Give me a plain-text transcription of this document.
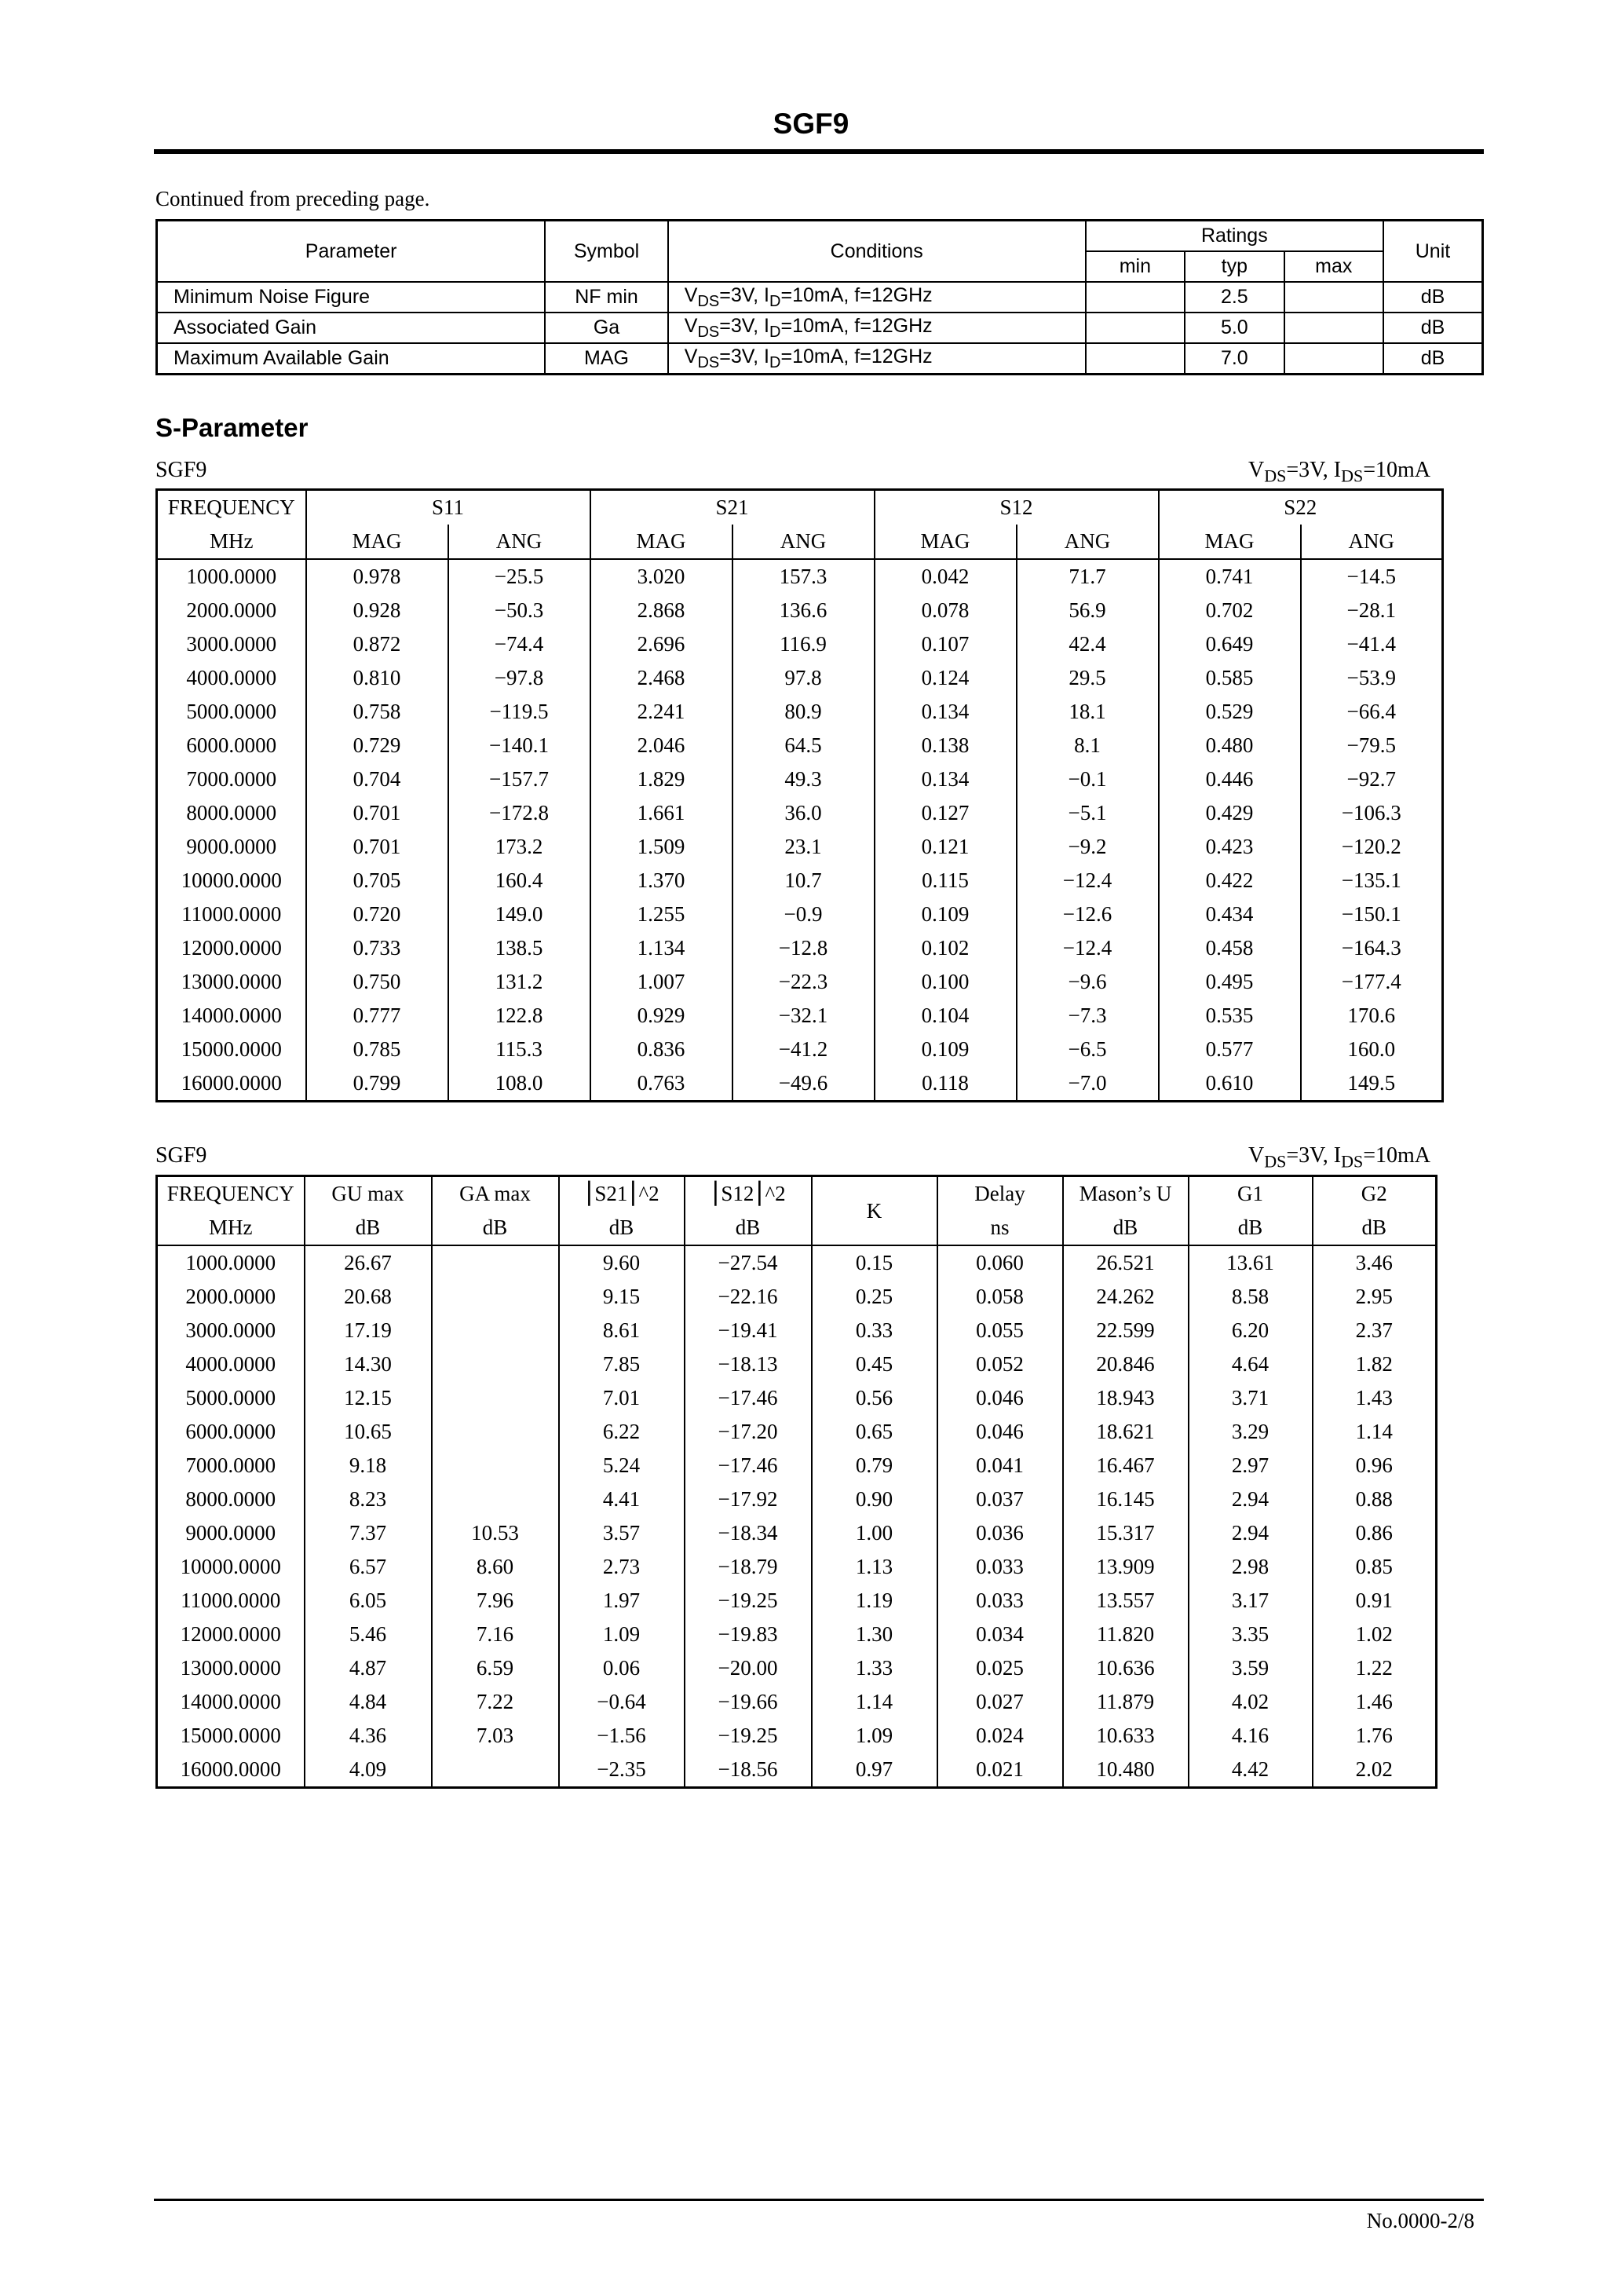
SGF9
Continued from preceding page.
Parameter	Symbol	Conditions	Ratings			Unit
			min	typ	max	
Minimum Noise Figure	NF min	$V_{DS}=3V$, $I_D=10mA$, f=12GHz		2.5		dB
Associated Gain	Ga	$V_{DS}=3V$, $I_D=10mA$, f=12GHz		5.0		dB
Maximum Available Gain	MAG	$V_{DS}=3V$, $I_D=10mA$, f=12GHz		7.0		dB
S-Parameter
SGF9	$V_{DS}=3V$, $I_{DS}=10mA$
FREQUENCY	S11		S21		S12		S22	
MHz	MAG	ANG	MAG	ANG	MAG	ANG	MAG	ANG
1000.0000	0.978	−25.5	3.020	157.3	0.042	71.7	0.741	−14.5
2000.0000	0.928	−50.3	2.868	136.6	0.078	56.9	0.702	−28.1
3000.0000	0.872	−74.4	2.696	116.9	0.107	42.4	0.649	−41.4
4000.0000	0.810	−97.8	2.468	97.8	0.124	29.5	0.585	−53.9
5000.0000	0.758	−119.5	2.241	80.9	0.134	18.1	0.529	−66.4
6000.0000	0.729	−140.1	2.046	64.5	0.138	8.1	0.480	−79.5
7000.0000	0.704	−157.7	1.829	49.3	0.134	−0.1	0.446	−92.7
8000.0000	0.701	−172.8	1.661	36.0	0.127	−5.1	0.429	−106.3
9000.0000	0.701	173.2	1.509	23.1	0.121	−9.2	0.423	−120.2
10000.0000	0.705	160.4	1.370	10.7	0.115	−12.4	0.422	−135.1
11000.0000	0.720	149.0	1.255	−0.9	0.109	−12.6	0.434	−150.1
12000.0000	0.733	138.5	1.134	−12.8	0.102	−12.4	0.458	−164.3
13000.0000	0.750	131.2	1.007	−22.3	0.100	−9.6	0.495	−177.4
14000.0000	0.777	122.8	0.929	−32.1	0.104	−7.3	0.535	170.6
15000.0000	0.785	115.3	0.836	−41.2	0.109	−6.5	0.577	160.0
16000.0000	0.799	108.0	0.763	−49.6	0.118	−7.0	0.610	149.5
SGF9	$V_{DS}=3V$, $I_{DS}=10mA$
FREQUENCY	GU max	GA max	⎮S21⎮^2	⎮S12⎮^2	K	Delay	Mason’s U	G1	G2
MHz	dB	dB	dB	dB		ns	dB	dB	dB
1000.0000	26.67		9.60	−27.54	0.15	0.060	26.521	13.61	3.46
2000.0000	20.68		9.15	−22.16	0.25	0.058	24.262	8.58	2.95
3000.0000	17.19		8.61	−19.41	0.33	0.055	22.599	6.20	2.37
4000.0000	14.30		7.85	−18.13	0.45	0.052	20.846	4.64	1.82
5000.0000	12.15		7.01	−17.46	0.56	0.046	18.943	3.71	1.43
6000.0000	10.65		6.22	−17.20	0.65	0.046	18.621	3.29	1.14
7000.0000	9.18		5.24	−17.46	0.79	0.041	16.467	2.97	0.96
8000.0000	8.23		4.41	−17.92	0.90	0.037	16.145	2.94	0.88
9000.0000	7.37	10.53	3.57	−18.34	1.00	0.036	15.317	2.94	0.86
10000.0000	6.57	8.60	2.73	−18.79	1.13	0.033	13.909	2.98	0.85
11000.0000	6.05	7.96	1.97	−19.25	1.19	0.033	13.557	3.17	0.91
12000.0000	5.46	7.16	1.09	−19.83	1.30	0.034	11.820	3.35	1.02
13000.0000	4.87	6.59	0.06	−20.00	1.33	0.025	10.636	3.59	1.22
14000.0000	4.84	7.22	−0.64	−19.66	1.14	0.027	11.879	4.02	1.46
15000.0000	4.36	7.03	−1.56	−19.25	1.09	0.024	10.633	4.16	1.76
16000.0000	4.09		−2.35	−18.56	0.97	0.021	10.480	4.42	2.02
No.0000-2/8
